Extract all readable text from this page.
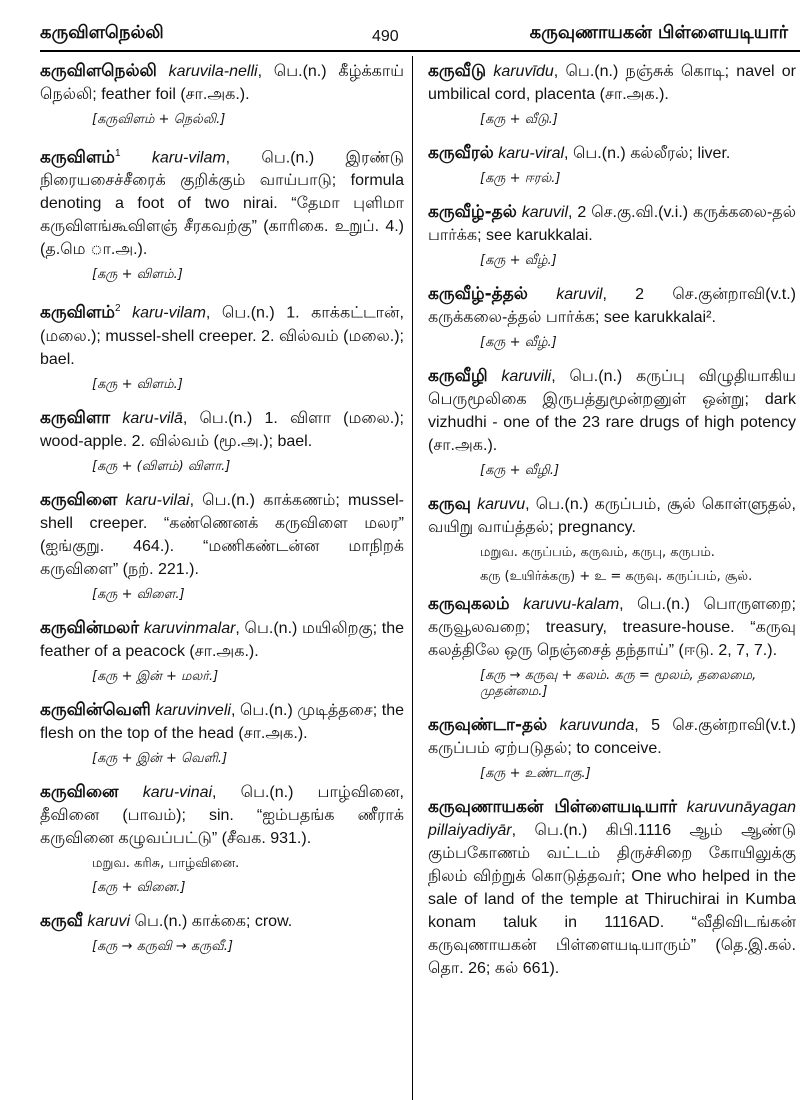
கருவிளநெல்லி	490	கருவுணாயகன் பிள்ளையடியார்
கருவிளநெல்லி karuvila-nelli, பெ.(n.) கீழ்க்காய் நெல்லி; feather foil (சா.அக.).
[கருவிளம் + நெல்லி.]
கருவிளம்$^1$ karu-vilam, பெ.(n.) இரண்டு நிரையசைச்சீரைக் குறிக்கும் வாய்பாடு; formula denoting a foot of two nirai. “தேமா புளிமா கருவிளங்கூவிளஞ் சீரகவற்கு” (காரிகை. உறுப். 4.) (த.மெ ா.அ.).
[கரு + விளம்.]
கருவிளம்$^2$ karu-vilam, பெ.(n.) 1. காக்கட்டான், (மலை.); mussel-shell creeper. 2. வில்வம் (மலை.); bael.
[கரு + விளம்.]
கருவிளா karu-vilā, பெ.(n.) 1. விளா (மலை.); wood-apple. 2. வில்வம் (மூ.அ.); bael.
[கரு + (விளம்) விளா.]
கருவிளை karu-vilai, பெ.(n.) காக்கணம்; mussel-shell creeper. “கண்ணெனக் கருவிளை மலர” (ஐங்குறு. 464.). “மணிகண்டன்ன மாநிறக் கருவிளை” (நற். 221.).
[கரு + விளை.]
கருவின்மலர் karuvinmalar, பெ.(n.) மயிலிறகு; the feather of a peacock (சா.அக.).
[கரு + இன் + மலர்.]
கருவின்வெளி karuvinveli, பெ.(n.) முடித்தசை; the flesh on the top of the head (சா.அக.).
[கரு + இன் + வெளி.]
கருவினை karu-vinai, பெ.(n.) பாழ்வினை, தீவினை (பாவம்); sin. “ஐம்பதங்க ணீராக் கருவினை கழுவப்பட்டு” (சீவக. 931.).
மறுவ. கரிசு, பாழ்வினை.
[கரு + வினை.]
கருவீ karuvi பெ.(n.) காக்கை; crow.
[கரு → கருவி → கருவீ.]
கருவீடு karuvīdu, பெ.(n.) நஞ்சுக் கொடி; navel or umbilical cord, placenta (சா.அக.).
[கரு + வீடு.]
கருவீரல் karu-viral, பெ.(n.) கல்லீரல்; liver.
[கரு + ஈரல்.]
கருவீழ்-தல் karuvil, 2 செ.கு.வி.(v.i.) கருக்கலை-தல் பார்க்க; see karukkalai.
[கரு + வீழ்.]
கருவீழ்-த்தல் karuvil, 2 செ.குன்றாவி(v.t.) கருக்கலை-த்தல் பார்க்க; see karukkalai².
[கரு + வீழ்.]
கருவீழி karuvili, பெ.(n.) கருப்பு விழுதியாகிய பெருமூலிகை இருபத்துமூன்றனுள் ஒன்று; dark vizhudhi - one of the 23 rare drugs of high potency (சா.அக.).
[கரு + வீழி.]
கருவு karuvu, பெ.(n.) கருப்பம், சூல் கொள்ளுதல், வயிறு வாய்த்தல்; pregnancy.
மறுவ. கருப்பம், கருவம், கருபு, கருபம்.
கரு (உயிர்க்கரு) + உ = கருவு. கருப்பம், சூல்.
கருவுகலம் karuvu-kalam, பெ.(n.) பொருளறை; கருவூலவறை; treasury, treasure-house. “கருவு கலத்திலே ஒரு நெஞ்சைத் தந்தாய்” (ஈடு. 2, 7, 7.).
[கரு → கருவு + கலம். கரு = மூலம், தலைமை, முதன்மை.]
கருவுண்டா-தல் karuvunda, 5 செ.குன்றாவி(v.t.) கருப்பம் ஏற்படுதல்; to conceive.
[கரு + உண்டாகு.]
கருவுணாயகன் பிள்ளையடியார் karuvunāyagan pillaiyadiyār, பெ.(n.) கிபி.1116 ஆம் ஆண்டு கும்பகோணம் வட்டம் திருச்சிறை கோயிலுக்கு நிலம் விற்றுக் கொடுத்தவர்; One who helped in the sale of land of the temple at Thiruchirai in Kumba konam taluk in 1116AD. “வீதிவிடங்கன் கருவுணாயகன் பிள்ளையடியாரும்” (தெ.இ.கல். தொ. 26; கல் 661).
